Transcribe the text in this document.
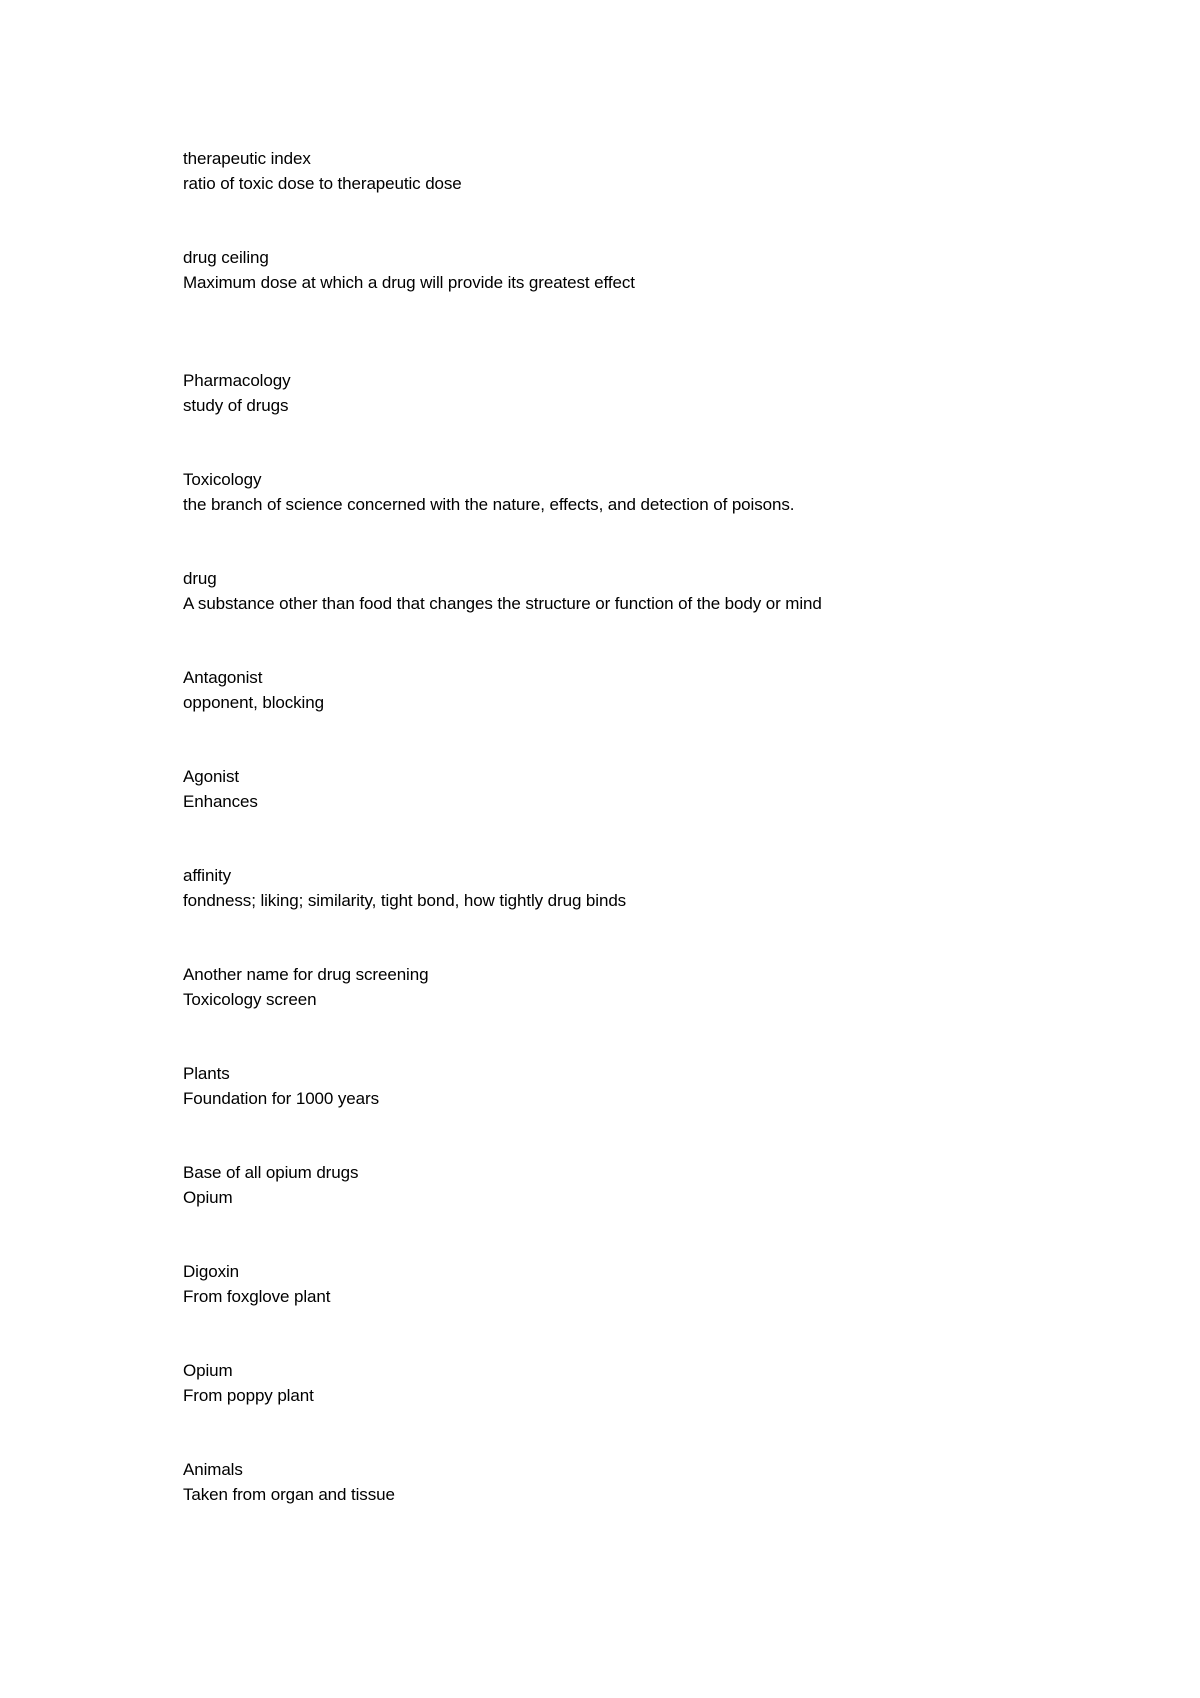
therapeutic index

ratio of toxic dose to therapeutic dose

drug ceiling

Maximum dose at which a drug will provide its greatest effect

Pharmacology

study of drugs

Toxicology

the branch of science concerned with the nature, effects, and detection of poisons.

drug

A substance other than food that changes the structure or function of the body or mind

Antagonist

opponent, blocking

Agonist

Enhances

affinity

fondness; liking; similarity, tight bond, how tightly drug binds

Another name for drug screening

Toxicology screen

Plants

Foundation for 1000 years

Base of all opium drugs

Opium

Digoxin

From foxglove plant

Opium

From poppy plant

Animals

Taken from organ and tissue
